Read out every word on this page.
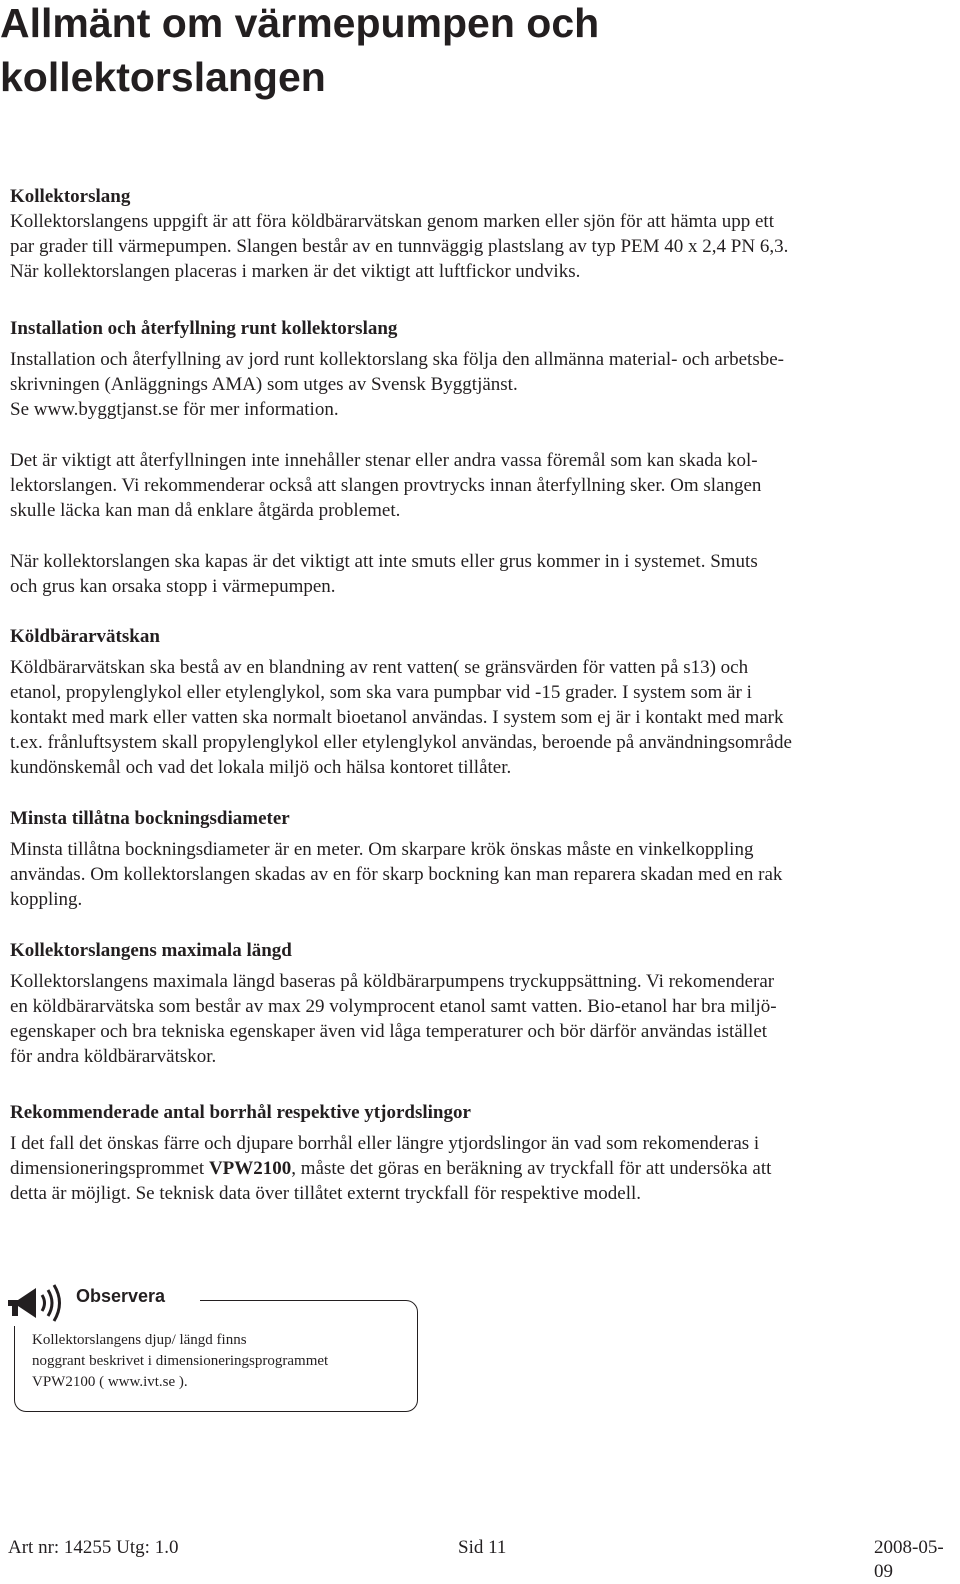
Allmänt om värmepumpen och
kollektorslangen
Kollektorslang

Kollektorslangens uppgift är att föra köldbärarvätskan genom marken eller sjön för att hämta upp ett
par grader till värmepumpen. Slangen består av en tunnväggig plastslang av typ PEM 40 x 2,4 PN 6,3.
När kollektorslangen placeras i marken är det viktigt att luftfickor undviks.

Installation och återfyllning runt kollektorslang

Installation och återfyllning av jord runt kollektorslang ska följa den allmänna material- och arbetsbe-
skrivningen (Anläggnings AMA) som utges av Svensk Byggtjänst.
Se www.byggtjanst.se för mer information.

Det är viktigt att återfyllningen inte innehåller stenar eller andra vassa föremål som kan skada kol-
lektorslangen. Vi rekommenderar också att slangen provtrycks innan återfyllning sker. Om slangen
skulle läcka kan man då enklare åtgärda problemet.

När kollektorslangen ska kapas är det viktigt att inte smuts eller grus kommer in i systemet. Smuts
och grus kan orsaka stopp i värmepumpen.

Köldbärarvätskan

Köldbärarvätskan ska bestå av en blandning av rent vatten( se gränsvärden för vatten på s13) och
etanol, propylenglykol eller etylenglykol, som ska vara pumpbar vid -15 grader. I system som är i
kontakt med mark eller vatten ska normalt bioetanol användas. I system som ej är i kontakt med mark
t.ex. frånluftsystem skall propylenglykol eller etylenglykol användas, beroende på användningsområde
kundönskemål och vad det lokala miljö och hälsa kontoret tillåter.

Minsta tillåtna bockningsdiameter

Minsta tillåtna bockningsdiameter är en meter. Om skarpare krök önskas måste en vinkelkoppling
användas. Om kollektorslangen skadas av en för skarp bockning kan man reparera skadan med en rak
koppling.

Kollektorslangens maximala längd

Kollektorslangens maximala längd baseras på köldbärarpumpens tryckuppsättning. Vi rekomenderar
en köldbärarvätska som består av max 29 volymprocent etanol samt vatten. Bio-etanol har bra miljö-
egenskaper och bra tekniska egenskaper även vid låga temperaturer och bör därför användas istället
för andra köldbärarvätskor.

Rekommenderade antal borrhål respektive ytjordslingor

I det fall det önskas färre och djupare borrhål eller längre ytjordslingor än vad som rekomenderas i
dimensioneringsprommet VPW2100, måste det göras en beräkning av tryckfall för att undersöka att
detta är möjligt. Se teknisk data över tillåtet externt tryckfall för respektive modell.

Observera
Kollektorslangens djup/ längd finns
noggrant beskrivet i dimensioneringsprogrammet
VPW2100 ( www.ivt.se ).
Art nr: 14255 Utg: 1.0	Sid 11	2008-05-09
